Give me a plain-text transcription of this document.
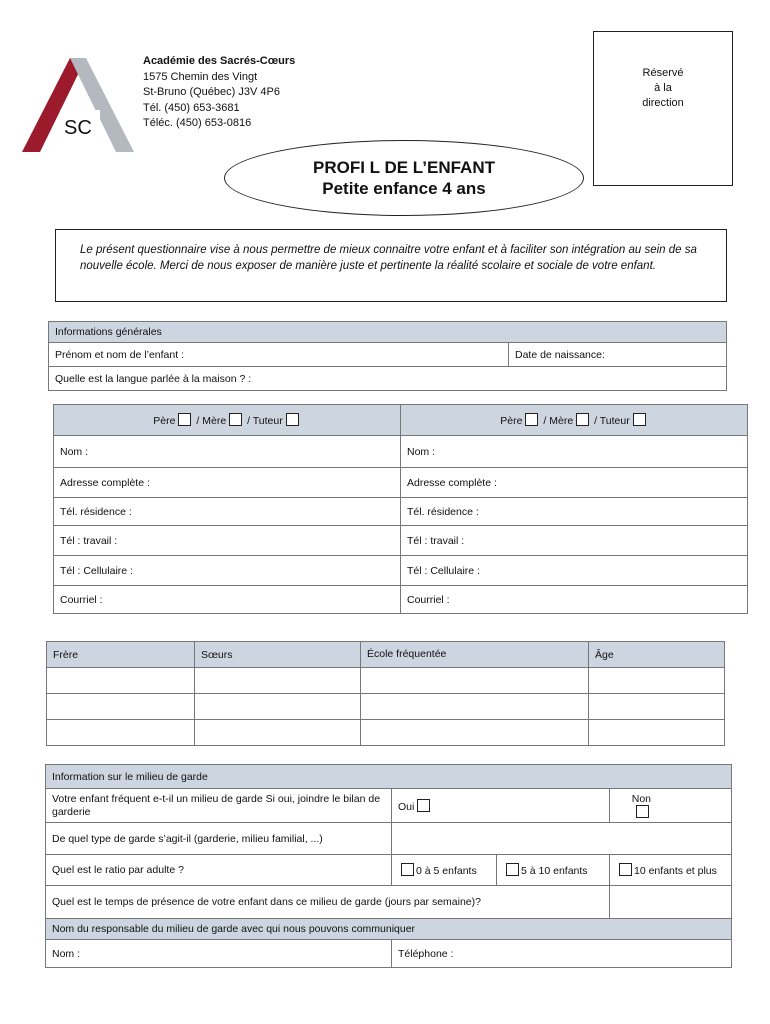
SC
Académie des Sacrés-Cœurs
1575 Chemin des Vingt
St-Bruno (Québec) J3V 4P6
Tél. (450) 653-3681
Téléc. (450) 653-0816
Réservé
à la
direction
PROFI L DE L’ENFANT
Petite enfance 4 ans
Le présent questionnaire vise à nous permettre de mieux connaitre votre enfant et à faciliter son intégration au sein de sa nouvelle école. Merci de nous exposer de manière juste et pertinente la réalité scolaire et sociale de votre enfant.
Informations générales
Prénom et nom de l’enfant :	Date de naissance:
Quelle est la langue parlée à la maison ? :
Père / Mère / Tuteur	Père / Mère / Tuteur
Nom :	Nom :
Adresse complète :	Adresse complète :
Tél. résidence :	Tél. résidence :
Tél : travail :	Tél : travail :
Tél : Cellulaire :	Tél : Cellulaire :
Courriel :	Courriel :
Frère	Sœurs	École fréquentée	Âge

Information sur le milieu de garde			
Votre enfant fréquent e-t-il un milieu de garde Si oui, joindre le bilan de garderie	Oui		Non
De quel type de garde s’agit-il (garderie, milieu familial, ...)			
Quel est le ratio par adulte ?	0 à 5 enfants	5 à 10 enfants	10 enfants et plus
Quel est le temps de présence de votre enfant dans ce milieu de garde (jours par semaine)?			
Nom du responsable du milieu de garde avec qui nous pouvons communiquer			
Nom :	Téléphone :		
